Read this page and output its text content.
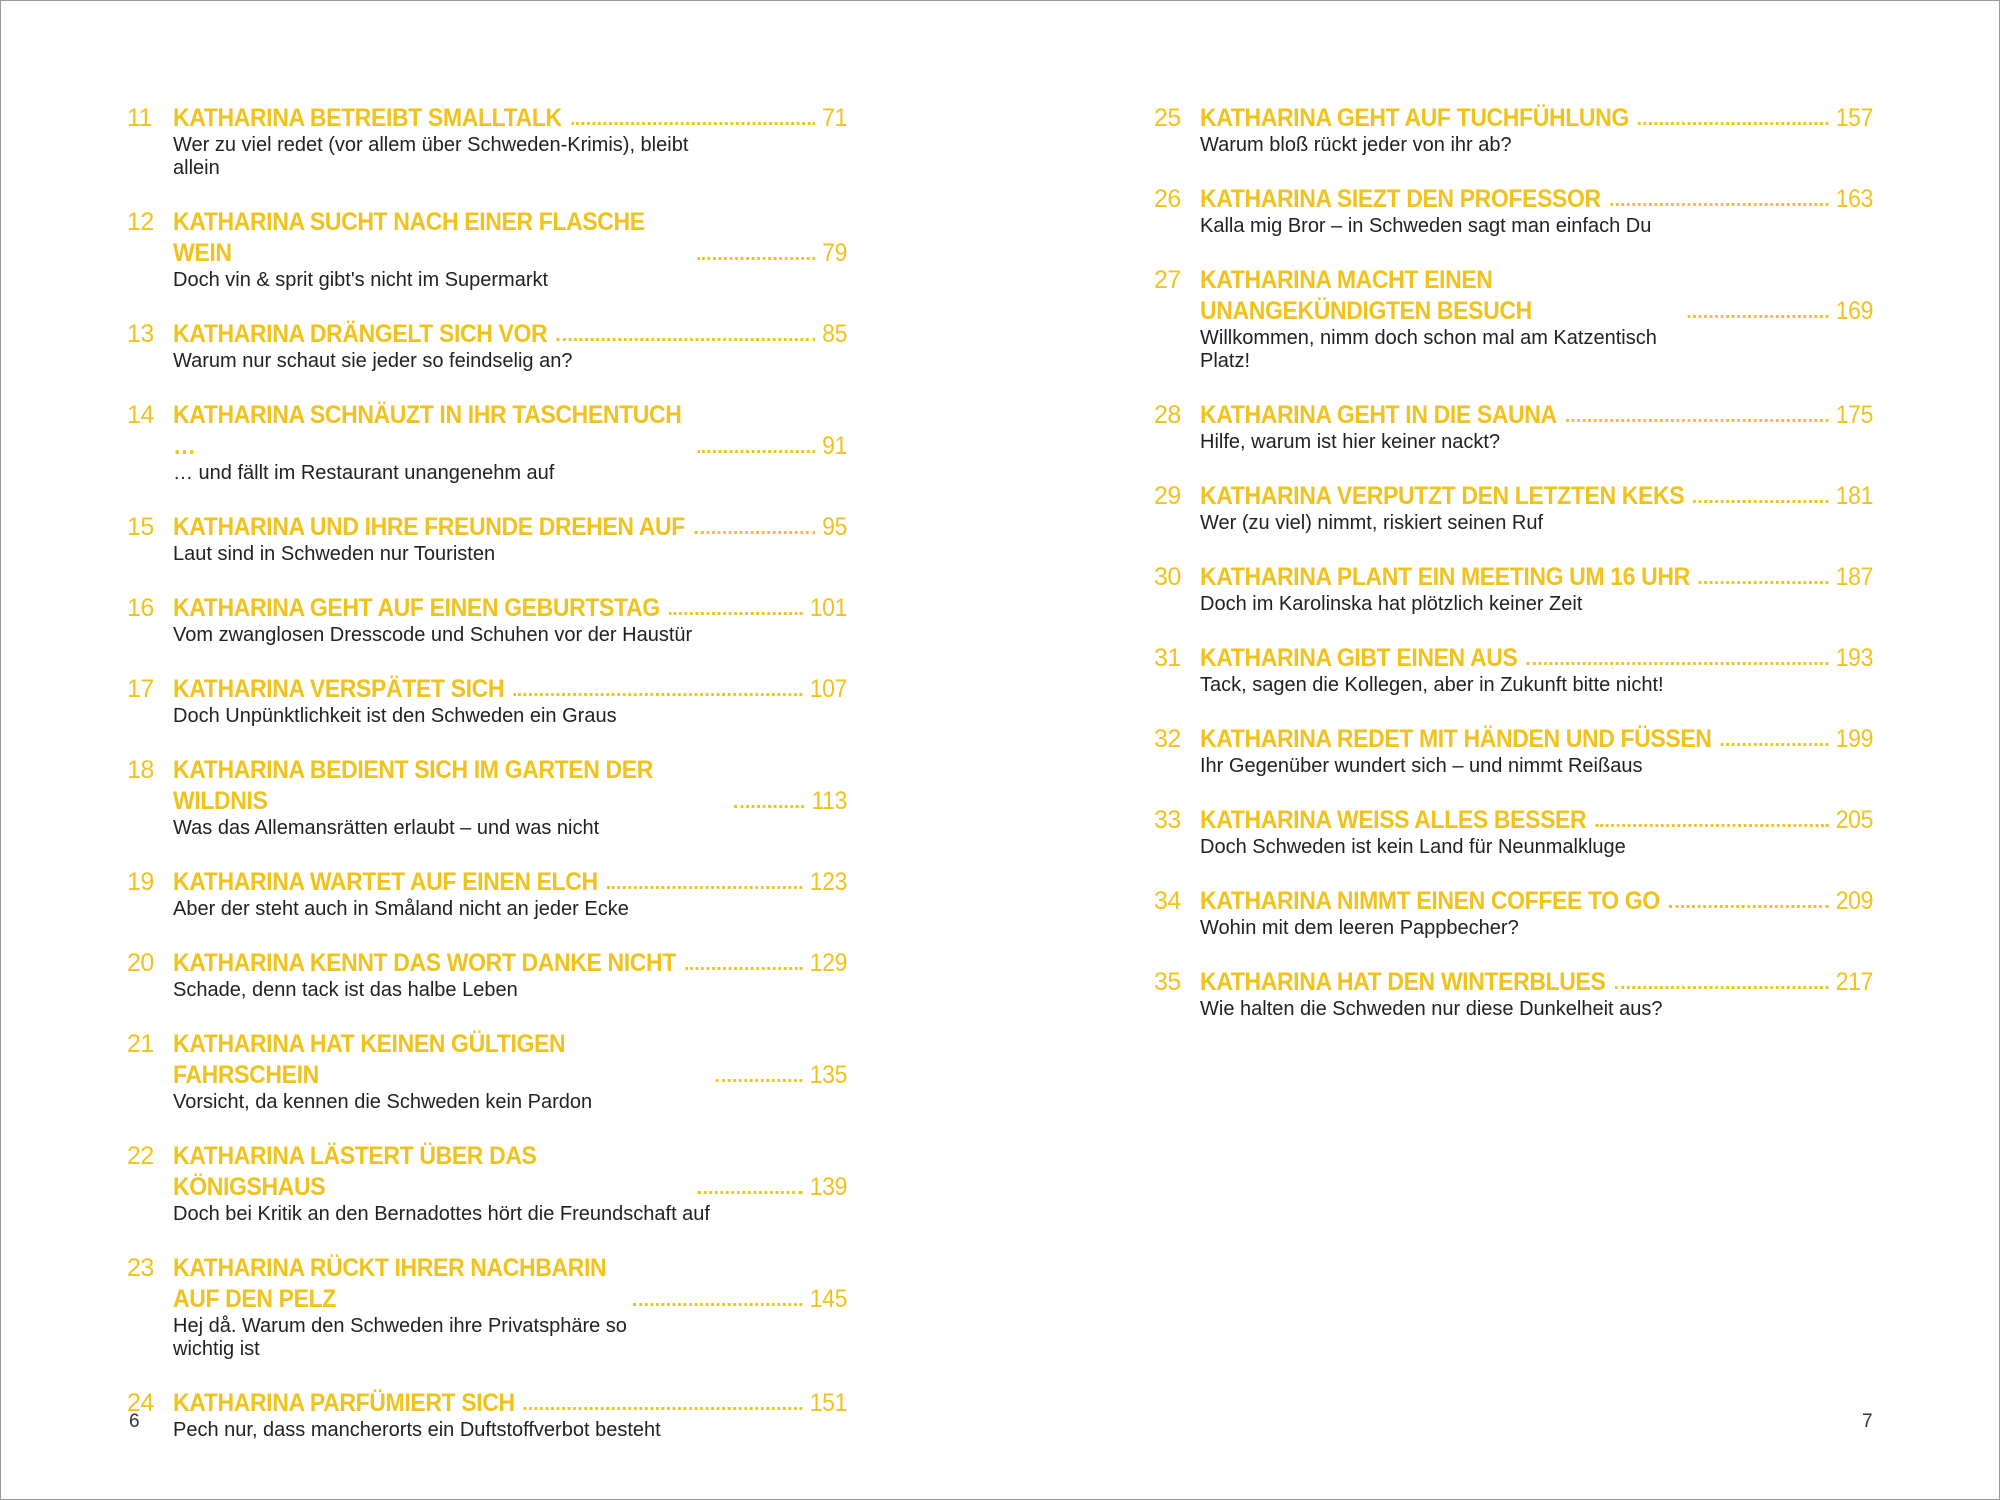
11 KATHARINA BETREIBT SMALLTALK	71
Wer zu viel redet (vor allem über Schweden-Krimis), bleibt allein
12 KATHARINA SUCHT NACH EINER FLASCHE WEIN	79
Doch vin & sprit gibt's nicht im Supermarkt
13 KATHARINA DRÄNGELT SICH VOR	85
Warum nur schaut sie jeder so feindselig an?
14 KATHARINA SCHNÄUZT IN IHR TASCHENTUCH …	91
… und fällt im Restaurant unangenehm auf
15 KATHARINA UND IHRE FREUNDE DREHEN AUF	95
Laut sind in Schweden nur Touristen
16 KATHARINA GEHT AUF EINEN GEBURTSTAG	101
Vom zwanglosen Dresscode und Schuhen vor der Haustür
17 KATHARINA VERSPÄTET SICH	107
Doch Unpünktlichkeit ist den Schweden ein Graus
18 KATHARINA BEDIENT SICH IM GARTEN DER WILDNIS	113
Was das Allemansrätten erlaubt – und was nicht
19 KATHARINA WARTET AUF EINEN ELCH	123
Aber der steht auch in Småland nicht an jeder Ecke
20 KATHARINA KENNT DAS WORT DANKE NICHT	129
Schade, denn tack ist das halbe Leben
21 KATHARINA HAT KEINEN GÜLTIGEN FAHRSCHEIN	135
Vorsicht, da kennen die Schweden kein Pardon
22 KATHARINA LÄSTERT ÜBER DAS KÖNIGSHAUS	139
Doch bei Kritik an den Bernadottes hört die Freundschaft auf
23 KATHARINA RÜCKT IHRER NACHBARIN AUF DEN PELZ	145
Hej då. Warum den Schweden ihre Privatsphäre so wichtig ist
24 KATHARINA PARFÜMIERT SICH	151
Pech nur, dass mancherorts ein Duftstoffverbot besteht
6
25 KATHARINA GEHT AUF TUCHFÜHLUNG	157
Warum bloß rückt jeder von ihr ab?
26 KATHARINA SIEZT DEN PROFESSOR	163
Kalla mig Bror – in Schweden sagt man einfach Du
27 KATHARINA MACHT EINEN UNANGEKÜNDIGTEN BESUCH	169
Willkommen, nimm doch schon mal am Katzentisch Platz!
28 KATHARINA GEHT IN DIE SAUNA	175
Hilfe, warum ist hier keiner nackt?
29 KATHARINA VERPUTZT DEN LETZTEN KEKS	181
Wer (zu viel) nimmt, riskiert seinen Ruf
30 KATHARINA PLANT EIN MEETING UM 16 UHR	187
Doch im Karolinska hat plötzlich keiner Zeit
31 KATHARINA GIBT EINEN AUS	193
Tack, sagen die Kollegen, aber in Zukunft bitte nicht!
32 KATHARINA REDET MIT HÄNDEN UND FÜSSEN	199
Ihr Gegenüber wundert sich – und nimmt Reißaus
33 KATHARINA WEISS ALLES BESSER	205
Doch Schweden ist kein Land für Neunmalkluge
34 KATHARINA NIMMT EINEN COFFEE TO GO	209
Wohin mit dem leeren Pappbecher?
35 KATHARINA HAT DEN WINTERBLUES	217
Wie halten die Schweden nur diese Dunkelheit aus?
7
